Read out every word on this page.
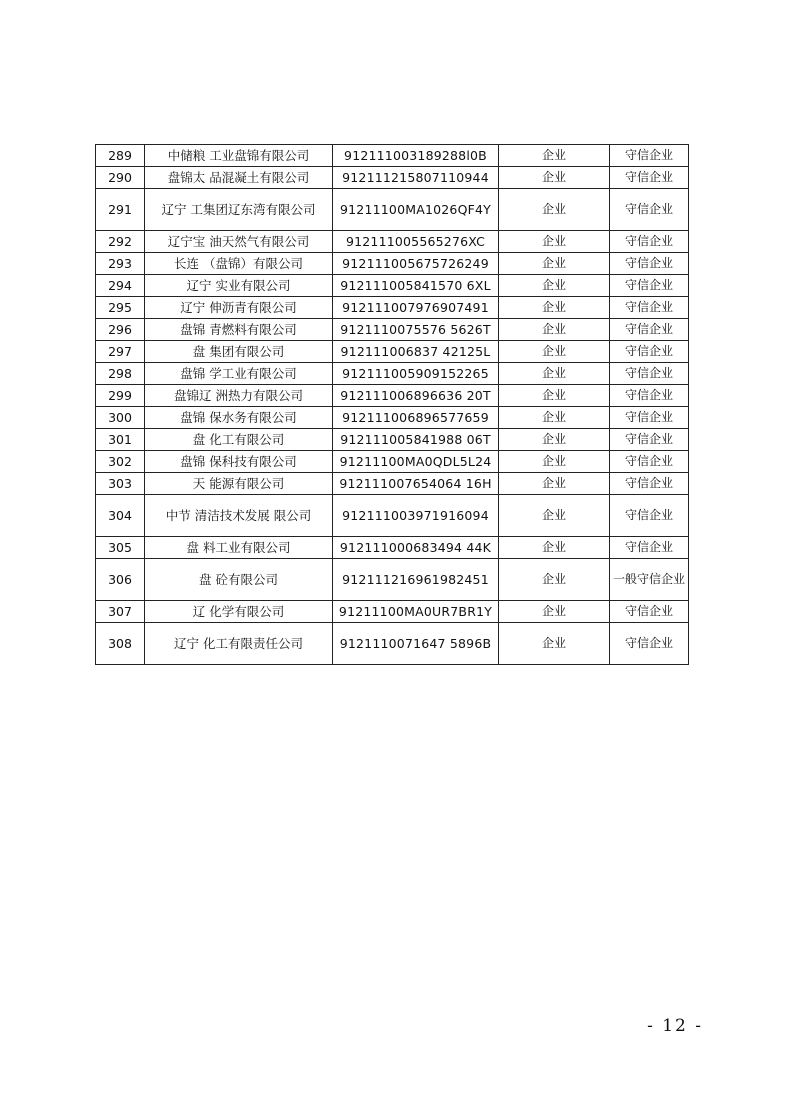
289	中储粮 工业盘锦有限公司	912111003189288l0B	企业	守信企业
290	盘锦太 品混凝土有限公司	912111215807110944	企业	守信企业
291	辽宁 工集团辽东湾有限公司	91211100MA1026QF4Y	企业	守信企业
292	辽宁宝 油天然气有限公司	912111005565276XC	企业	守信企业
293	长连 （盘锦）有限公司	912111005675726249	企业	守信企业
294	辽宁 实业有限公司	912111005841570 6XL	企业	守信企业
295	辽宁 伸沥青有限公司	912111007976907491	企业	守信企业
296	盘锦 青燃料有限公司	9121110075576 5626T	企业	守信企业
297	盘 集团有限公司	912111006837 42125L	企业	守信企业
298	盘锦 学工业有限公司	912111005909152265	企业	守信企业
299	盘锦辽 洲热力有限公司	912111006896636 20T	企业	守信企业
300	盘锦 保水务有限公司	912111006896577659	企业	守信企业
301	盘 化工有限公司	912111005841988 06T	企业	守信企业
302	盘锦 保科技有限公司	91211100MA0QDL5L24	企业	守信企业
303	天 能源有限公司	912111007654064 16H	企业	守信企业
304	中节 清洁技术发展 限公司	912111003971916094	企业	守信企业
305	盘 料工业有限公司	912111000683494 44K	企业	守信企业
306	盘 砼有限公司	912111216961982451	企业	一般守信企业
307	辽 化学有限公司	91211100MA0UR7BR1Y	企业	守信企业
308	辽宁 化工有限责任公司	9121110071647 5896B	企业	守信企业
- 12 -
